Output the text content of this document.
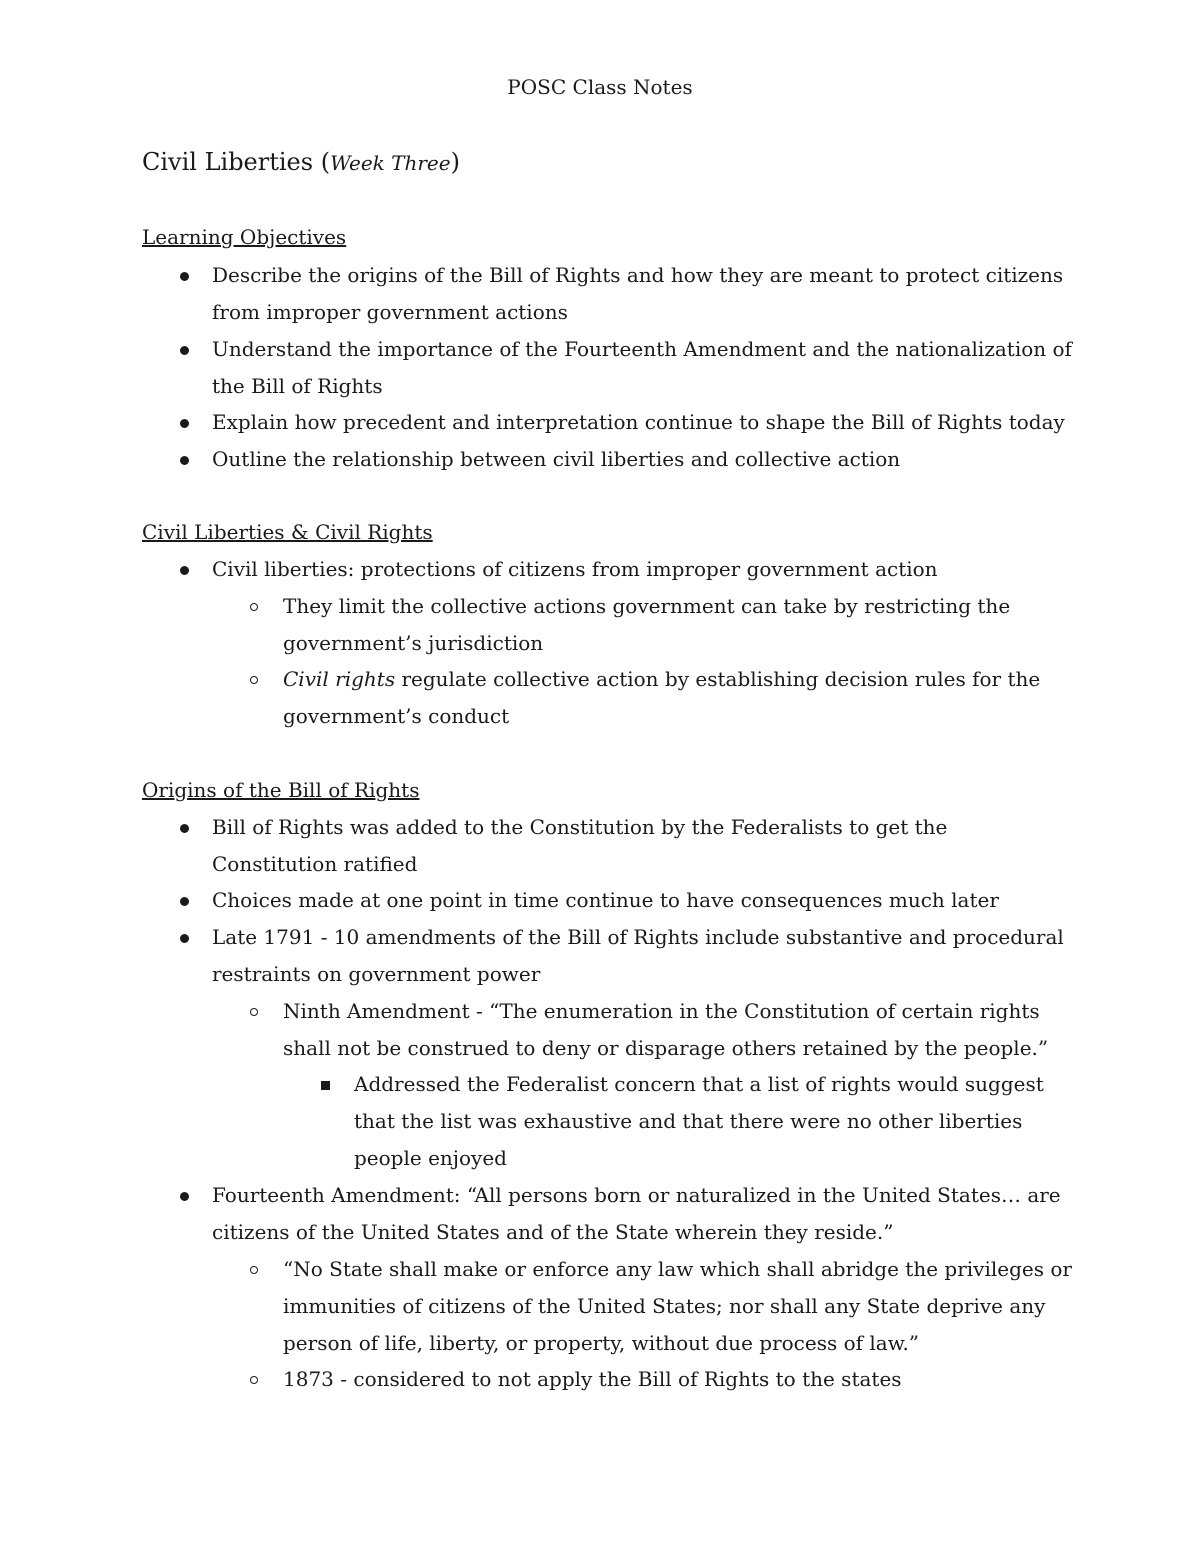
POSC Class Notes
Civil Liberties (Week Three)
Learning Objectives
Describe the origins of the Bill of Rights and how they are meant to protect citizens from improper government actions
Understand the importance of the Fourteenth Amendment and the nationalization of the Bill of Rights
Explain how precedent and interpretation continue to shape the Bill of Rights today
Outline the relationship between civil liberties and collective action
Civil Liberties & Civil Rights
Civil liberties: protections of citizens from improper government action
They limit the collective actions government can take by restricting the government’s jurisdiction
Civil rights regulate collective action by establishing decision rules for the government’s conduct
Origins of the Bill of Rights
Bill of Rights was added to the Constitution by the Federalists to get the Constitution ratified
Choices made at one point in time continue to have consequences much later
Late 1791 - 10 amendments of the Bill of Rights include substantive and procedural restraints on government power
Ninth Amendment - “The enumeration in the Constitution of certain rights shall not be construed to deny or disparage others retained by the people.”
Addressed the Federalist concern that a list of rights would suggest that the list was exhaustive and that there were no other liberties people enjoyed
Fourteenth Amendment: “All persons born or naturalized in the United States… are citizens of the United States and of the State wherein they reside.”
“No State shall make or enforce any law which shall abridge the privileges or immunities of citizens of the United States; nor shall any State deprive any person of life, liberty, or property, without due process of law.”
1873 - considered to not apply the Bill of Rights to the states
